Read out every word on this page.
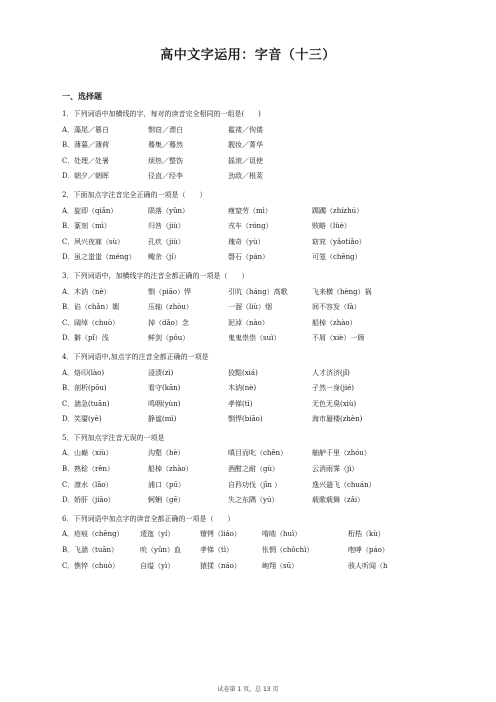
高中文字运用：字音（十三）
一、选择题
1．下列词语中加横线的字，每对的读音完全相同的一组是(　　)
A．藻尾／篡白	剽窃／漂白	褴褛／佝偻
B．薄暮／薄荷	蓦集／蓦然	靓妆／菁华
C．处理／处暑	烦热／整饬	摇滚／诅使
D．朝夕／朝晖	径直／经李	劲敌／根荄
2．下面加点字注音完全正确的一项是（　　）
A．旋即（qiǎn）	陨落（yǔn）	瘦窒劳（mì）	踯躅（zhízhú）
B．篆刻（mì）	归咎（jiù）	戎车（róng）	赅略（lüè）
C．夙兴夜寐（sù）	孔疚（jiù）	瑰奇（yù）	窈窕（yǎotiǎo）
D．虽之蚩蚩（méng） 鲰余（jí）	磬石（pán）	可笼（chēng）
3．下列词语中，加横线字的注音全都正确的一项是（　　）
A．木讷（nè）	剽（piāo）悍	引吭（háng）高歌	飞来横（hèng）祸
B．谄（chǎn）媚	压轴（zhòu）	一溜（liù）烟	间不容发（fà）
C．阔绰（chuò）	掉（dǎo）念	泥淖（nào）	船棹（zhào）
D．擗（pǐ）浅	鲜剑（pǒu）	鬼鬼祟祟（suì）	不屑（xiè）一顾
4．下列词语中,加点字的注音全都正确的一项是
A．烙印(lào)	浸渍(zì)	狡黠(xiá)	人才济济(jǐ)
B．剖析(pōu)	看守(kān)	木讷(nè)	孑然一身(jié)
C．湍急(tuān)	鸣咽(yùn)	孝悌(tì)	无色无臭(xiù)
D．笑靥(yè)	静谧(mì)	剽悍(biāo)	海市蜃楼(zhèn)
5．下列加点字注音无误的一项是
A．山巅（xiù）	沟壑（hè）	嗔目而叱（chēn）	舳舻千里（zhóu）
B．熟稔（rěn）	船棹（zhào）	酒酣之耐（gù）	云消雨霁（jì）
C．潦水（lǎo）	浦口（pū）	自矜功伐（jīn ）	逸兴遄飞（chuán）
D．娇肝（jiāo）	蚵蜊（gē）	失之东隅（yú）	载歌载舞（zǎi）
6．下列词语中加点字的读音全都正确的一项是（　　）
A．疮痕（chēng） 逶迤（yí）	镣铐（liáo）	啃啮（huì）	桁梏（kù）
B．飞湍（tuān）	吮（yǔn）血	孝悌（tì）	怅惘（chǒchì）	咆哮（páo）
C．憔悴（chuò）	自缢（yì）	猿揉（náo）	峋翔（sū）	骇人听闻（h
试卷第 1 页，总 13 页
